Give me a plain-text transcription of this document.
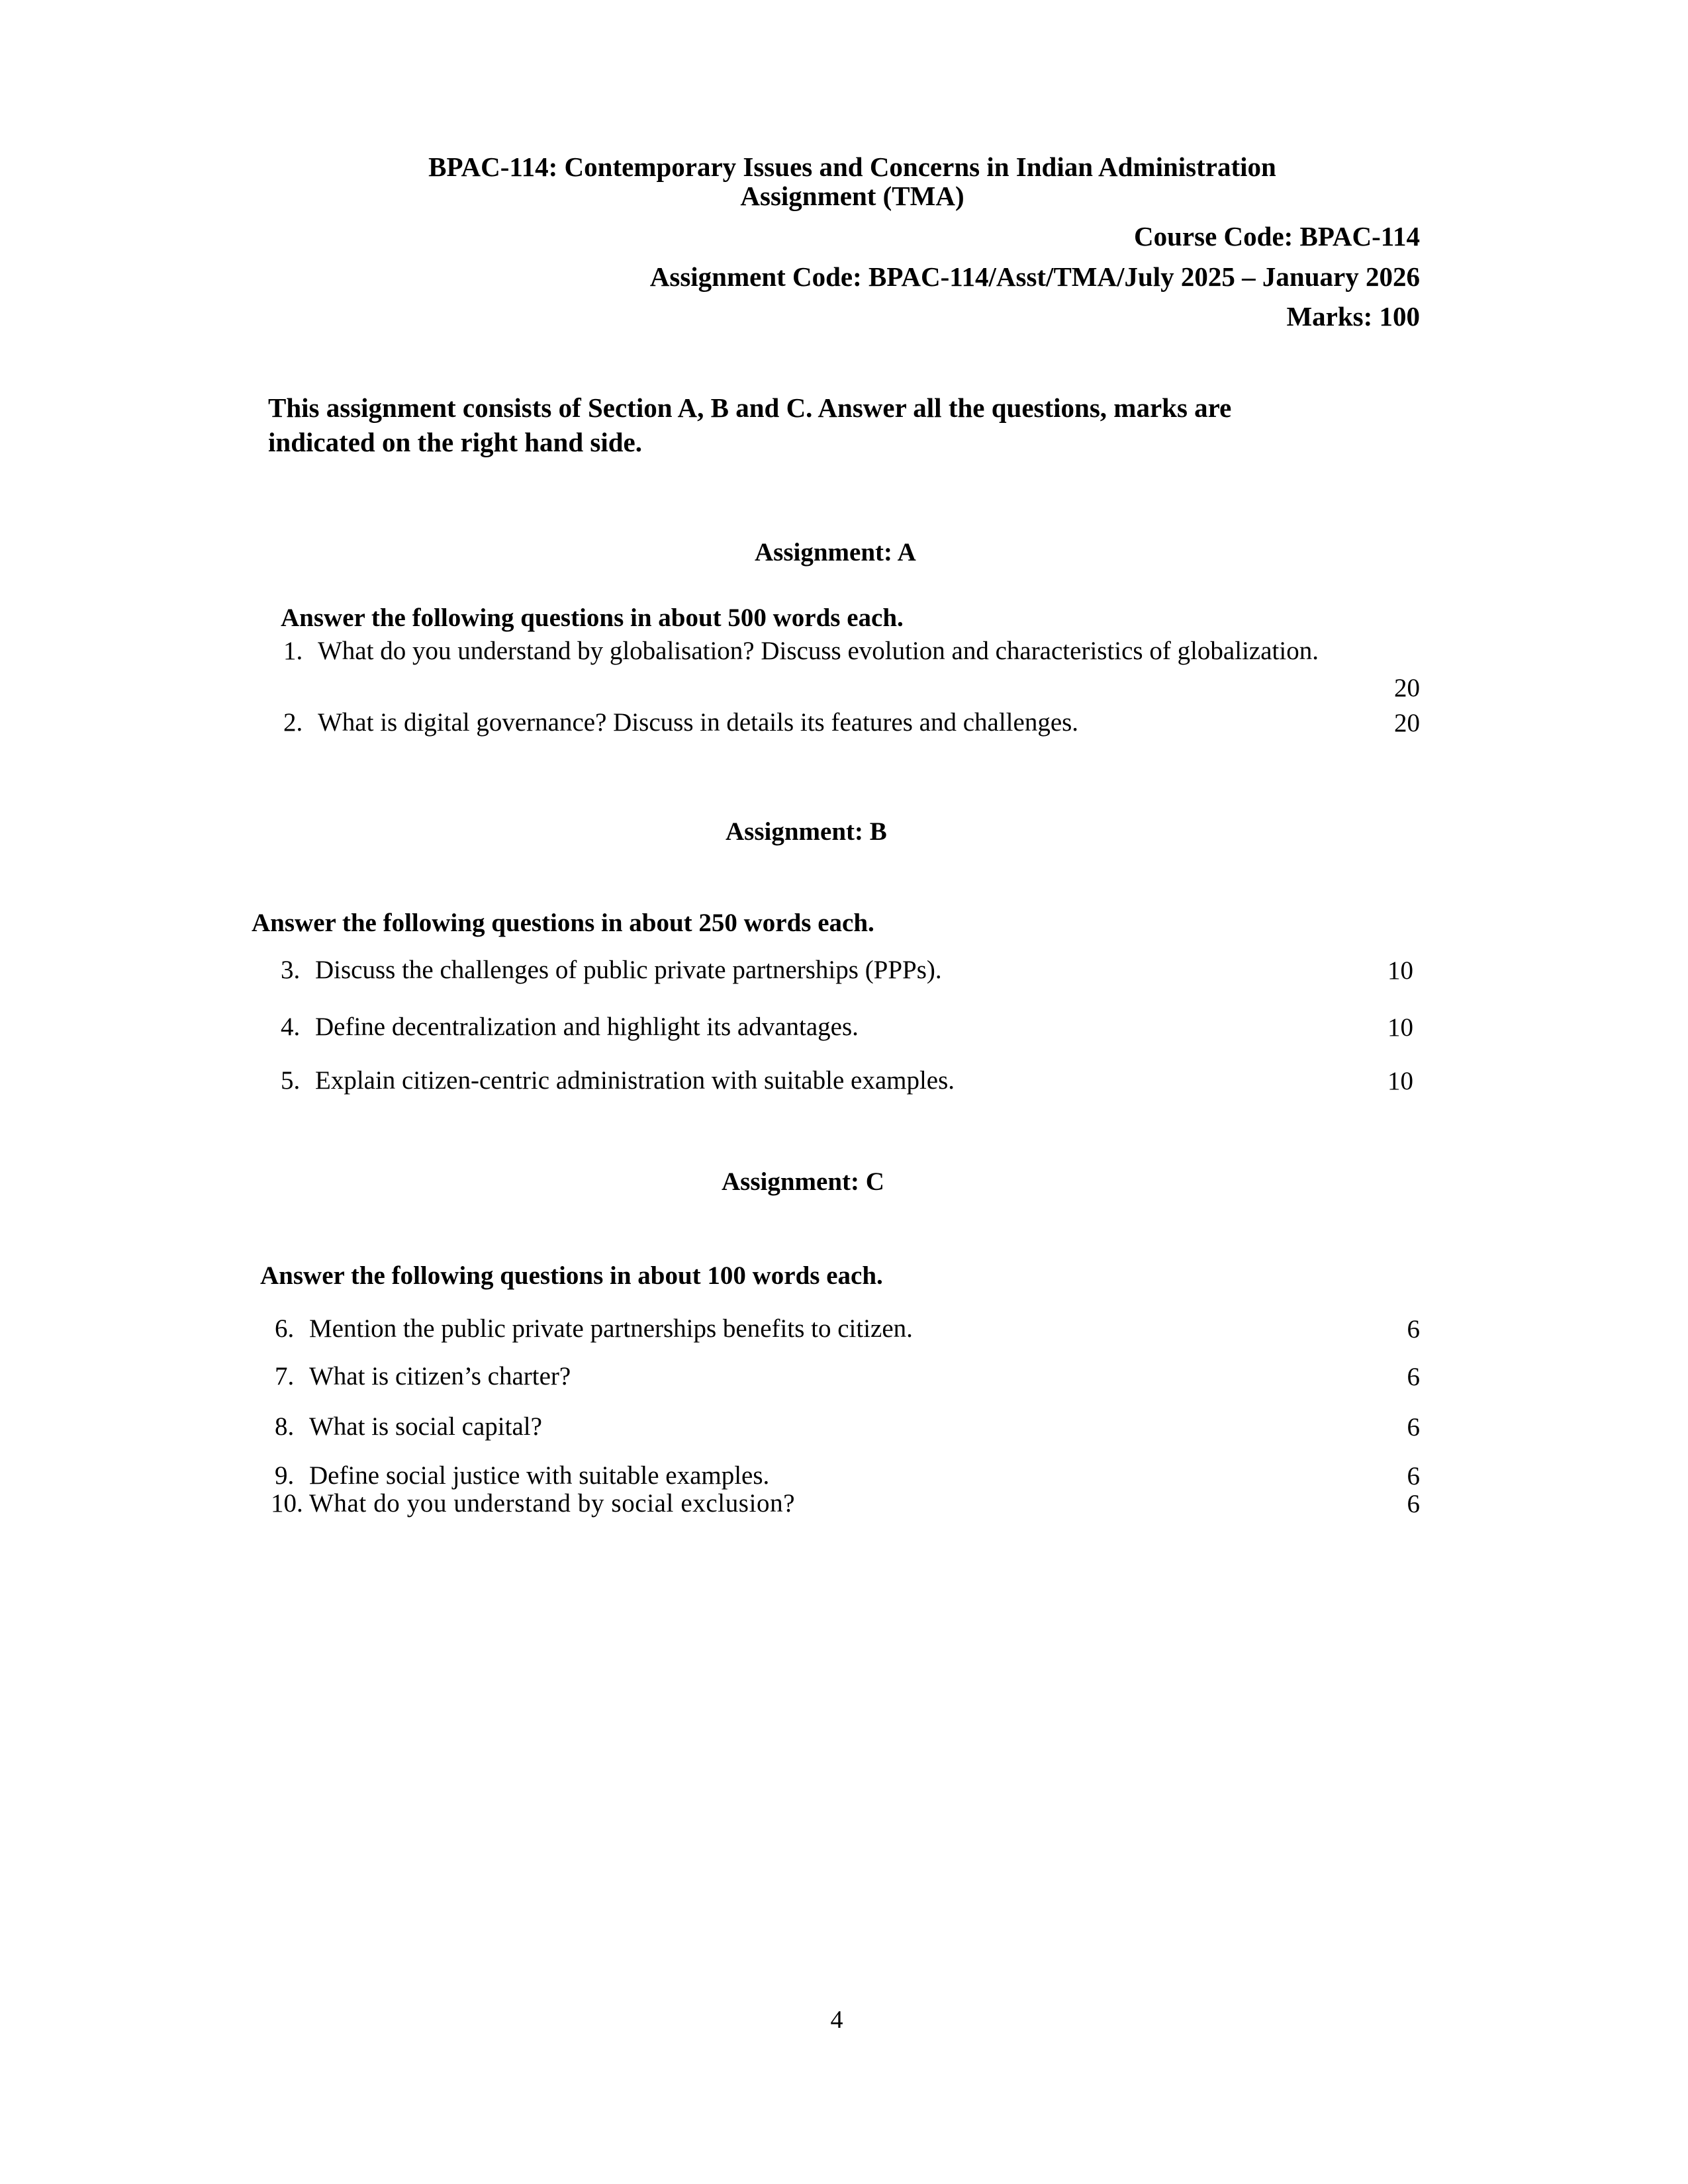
BPAC-114: Contemporary Issues and Concerns in Indian Administration
Assignment (TMA)
Course Code: BPAC-114
Assignment Code: BPAC-114/Asst/TMA/July 2025 – January 2026
Marks: 100
This assignment consists of Section A, B and C. Answer all the questions, marks are
indicated on the right hand side.
Assignment: A
Answer the following questions in about 500 words each.
1. What do you understand by globalisation? Discuss evolution and characteristics of globalization.
20
2. What is digital governance? Discuss in details its features and challenges.	20
Assignment: B
Answer the following questions in about 250 words each.
3. Discuss the challenges of public private partnerships (PPPs).	10
4. Define decentralization and highlight its advantages.	10
5. Explain citizen-centric administration with suitable examples.	10
Assignment: C
Answer the following questions in about 100 words each.
6. Mention the public private partnerships benefits to citizen.	6
7. What is citizen’s charter?	6
8. What is social capital?	6
9. Define social justice with suitable examples.	6
10. What do you understand by social exclusion?	6
4
